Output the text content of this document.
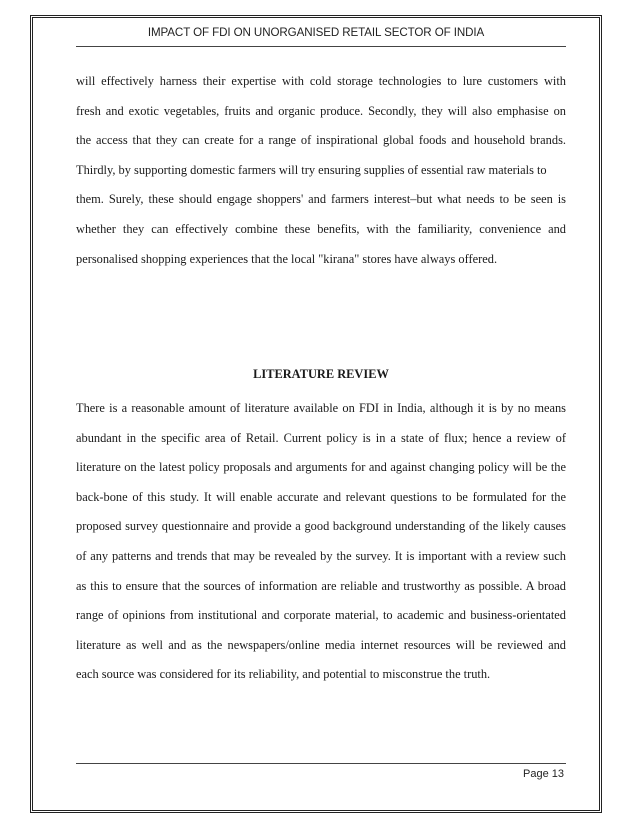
IMPACT OF FDI ON UNORGANISED RETAIL SECTOR OF INDIA
will effectively harness their expertise with cold storage technologies to lure customers with
fresh and exotic vegetables, fruits and organic produce. Secondly, they will also emphasise on
the access that they can create for a range of inspirational global foods and household brands.
Thirdly, by supporting domestic farmers will try ensuring supplies of essential raw materials to
them. Surely, these should engage shoppers' and farmers interest–but what needs to be seen is
whether they can effectively combine these benefits, with the familiarity, convenience and
personalised shopping experiences that the local "kirana" stores have always offered.
LITERATURE REVIEW
There is a reasonable amount of literature available on FDI in India, although it is by no means
abundant in the specific area of Retail. Current policy is in a state of flux; hence a review of
literature on the latest policy proposals and arguments for and against changing policy will be the
back-bone of this study. It will enable accurate and relevant questions to be formulated for the
proposed survey questionnaire and provide a good background understanding of the likely causes
of any patterns and trends that may be revealed by the survey. It is important with a review such
as this to ensure that the sources of information are reliable and trustworthy as possible. A broad
range of opinions from institutional and corporate material, to academic and business-orientated
literature as well and as the newspapers/online media internet resources will be reviewed and
each source was considered for its reliability, and potential to misconstrue the truth.
Page 13
